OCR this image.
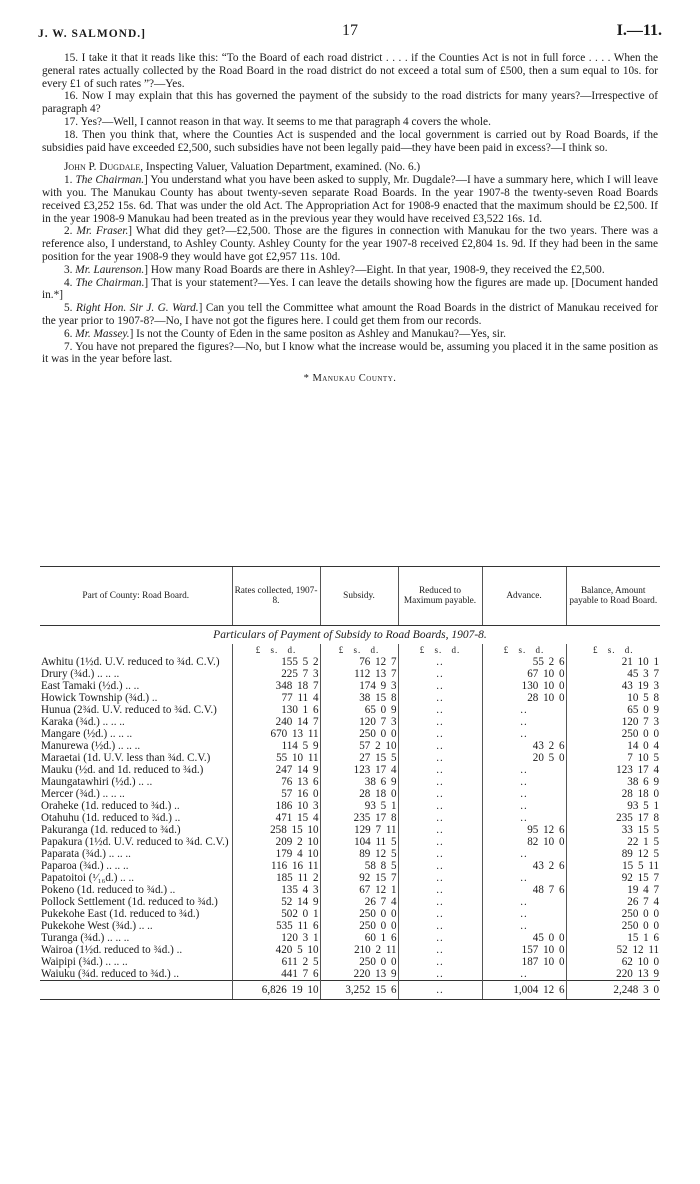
J. W. SALMOND.]	17	I.—11.

15. I take it that it reads like this: “To the Board of each road district . . . . if the Counties Act is not in full force . . . . When the general rates actually collected by the Road Board in the road district do not exceed a total sum of £500, then a sum equal to 10s. for every £1 of such rates ”?—Yes.

16. Now I may explain that this has governed the payment of the subsidy to the road districts for many years?—Irrespective of paragraph 4?

17. Yes?—Well, I cannot reason in that way. It seems to me that paragraph 4 covers the whole.

18. Then you think that, where the Counties Act is suspended and the local government is carried out by Road Boards, if the subsidies paid have exceeded £2,500, such subsidies have not been legally paid—they have been paid in excess?—I think so.

John P. Dugdale, Inspecting Valuer, Valuation Department, examined. (No. 6.)

1. The Chairman.] You understand what you have been asked to supply, Mr. Dugdale?—I have a summary here, which I will leave with you. The Manukau County has about twenty-seven separate Road Boards. In the year 1907-8 the twenty-seven Road Boards received £3,252 15s. 6d. That was under the old Act. The Appropriation Act for 1908-9 enacted that the maximum should be £2,500. If in the year 1908-9 Manukau had been treated as in the previous year they would have received £3,522 16s. 1d.

2. Mr. Fraser.] What did they get?—£2,500. Those are the figures in connection with Manukau for the two years. There was a reference also, I understand, to Ashley County. Ashley County for the year 1907-8 received £2,804 1s. 9d. If they had been in the same position for the year 1908-9 they would have got £2,957 11s. 10d.

3. Mr. Laurenson.] How many Road Boards are there in Ashley?—Eight. In that year, 1908-9, they received the £2,500.

4. The Chairman.] That is your statement?—Yes. I can leave the details showing how the figures are made up. [Document handed in.*]

5. Right Hon. Sir J. G. Ward.] Can you tell the Committee what amount the Road Boards in the district of Manukau received for the year prior to 1907-8?—No, I have not got the figures here. I could get them from our records.

6. Mr. Massey.] Is not the County of Eden in the same positon as Ashley and Manukau?—Yes, sir.

7. You have not prepared the figures?—No, but I know what the increase would be, assuming you placed it in the same position as it was in the year before last.

* Manukau County.

Part of County: Road Board.	Rates collected, 1907-8.	Subsidy.	Reduced to Maximum payable.	Advance.	Balance, Amount payable to Road Board.
Particulars of Payment of Subsidy to Road Boards, 1907-8.					
	£ s. d.	£ s. d.	£ s. d.	£ s. d.	£ s. d.
Awhitu (1½d. U.V. reduced to ¾d. C.V.)	155 5 2	76 12 7	..	55 2 6	21 10 1
Drury (¾d.) .. .. ..	225 7 3	112 13 7	..	67 10 0	45 3 7
East Tamaki (½d.) .. ..	348 18 7	174 9 3	..	130 10 0	43 19 3
Howick Township (¾d.) ..	77 11 4	38 15 8	..	28 10 0	10 5 8
Hunua (2¾d. U.V. reduced to ¾d. C.V.)	130 1 6	65 0 9	..	..	65 0 9
Karaka (¾d.) .. .. ..	240 14 7	120 7 3	..	..	120 7 3
Mangare (½d.) .. .. ..	670 13 11	250 0 0	..	..	250 0 0
Manurewa (½d.) .. .. ..	114 5 9	57 2 10	..	43 2 6	14 0 4
Maraetai (1d. U.V. less than ¾d. C.V.)	55 10 11	27 15 5	..	20 5 0	7 10 5
Mauku (½d. and 1d. reduced to ¾d.)	247 14 9	123 17 4	..	..	123 17 4
Maungatawhiri (½d.) .. ..	76 13 6	38 6 9	..	..	38 6 9
Mercer (¾d.) .. .. ..	57 16 0	28 18 0	..	..	28 18 0
Oraheke (1d. reduced to ¾d.) ..	186 10 3	93 5 1	..	..	93 5 1
Otahuhu (1d. reduced to ¾d.) ..	471 15 4	235 17 8	..	..	235 17 8
Pakuranga (1d. reduced to ¾d.)	258 15 10	129 7 11	..	95 12 6	33 15 5
Papakura (1½d. U.V. reduced to ¾d. C.V.)	209 2 10	104 11 5	..	82 10 0	22 1 5
Paparata (¾d.) .. .. ..	179 4 10	89 12 5	..	..	89 12 5
Paparoa (¾d.) .. .. ..	116 16 11	58 8 5	..	43 2 6	15 5 11
Papatoitoi (¹⁄₁₆d.) .. ..	185 11 2	92 15 7	..	..	92 15 7
Pokeno (1d. reduced to ¾d.) ..	135 4 3	67 12 1	..	48 7 6	19 4 7
Pollock Settlement (1d. reduced to ¾d.)	52 14 9	26 7 4	..	..	26 7 4
Pukekohe East (1d. reduced to ¾d.)	502 0 1	250 0 0	..	..	250 0 0
Pukekohe West (¾d.) .. ..	535 11 6	250 0 0	..	..	250 0 0
Turanga (¾d.) .. .. ..	120 3 1	60 1 6	..	45 0 0	15 1 6
Wairoa (1½d. reduced to ¾d.) ..	420 5 10	210 2 11	..	157 10 0	52 12 11
Waipipi (¾d.) .. .. ..	611 2 5	250 0 0	..	187 10 0	62 10 0
Waiuku (¾d. reduced to ¾d.) ..	441 7 6	220 13 9	..	..	220 13 9
	6,826 19 10	3,252 15 6	..	1,004 12 6	2,248 3 0
